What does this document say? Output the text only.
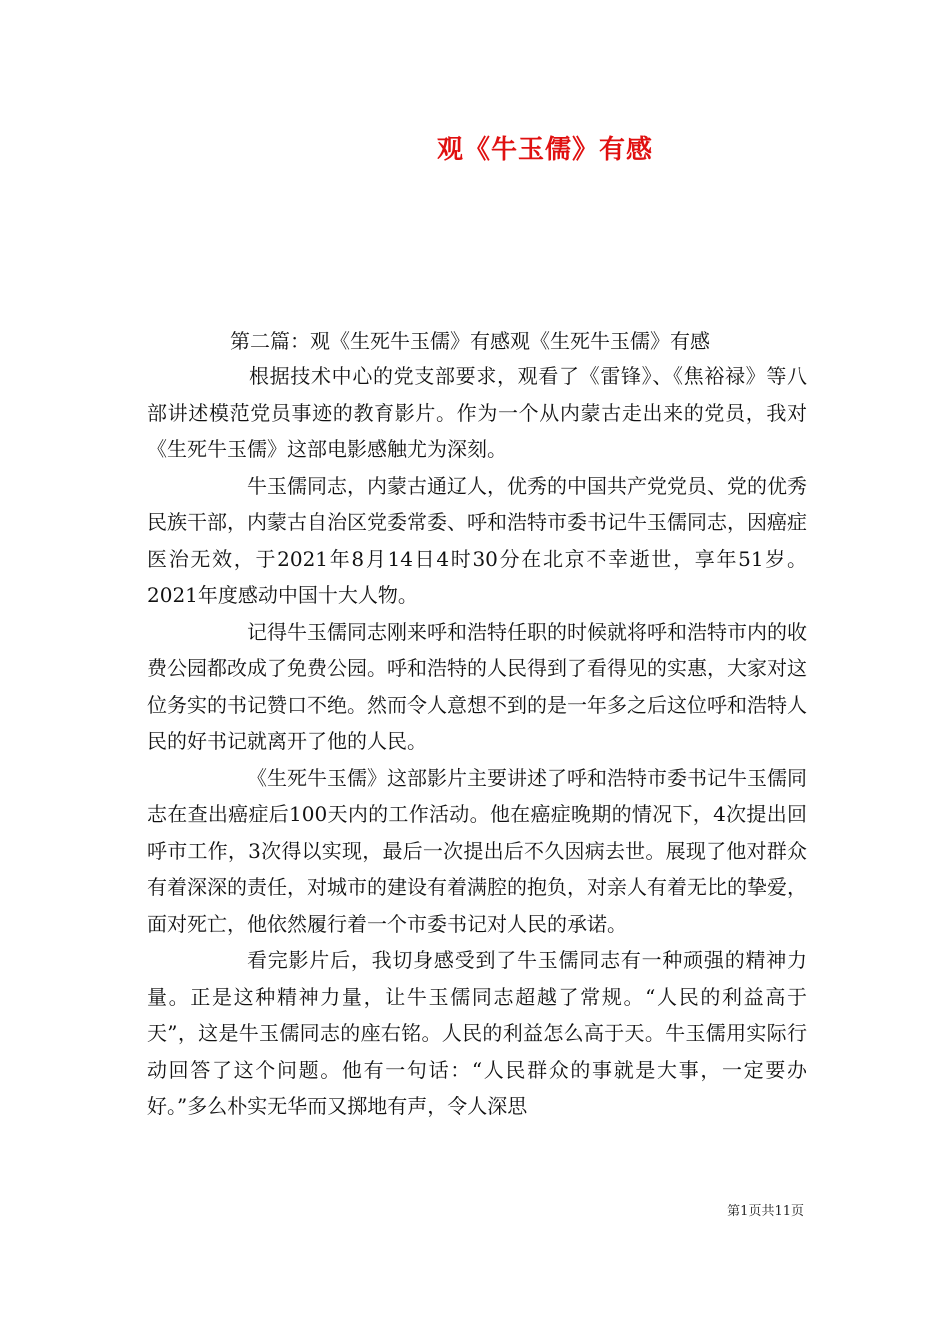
观《牛玉儒》有感
第二篇：观《生死牛玉儒》有感观《生死牛玉儒》有感

根据技术中心的党支部要求，观看了《雷锋》、《焦裕禄》等八部讲述模范党员事迹的教育影片。作为一个从内蒙古走出来的党员，我对《生死牛玉儒》这部电影感触尤为深刻。

牛玉儒同志，内蒙古通辽人，优秀的中国共产党党员、党的优秀民族干部，内蒙古自治区党委常委、呼和浩特市委书记牛玉儒同志，因癌症医治无效，于2021年8月14日4时30分在北京不幸逝世，享年51岁。2021年度感动中国十大人物。

记得牛玉儒同志刚来呼和浩特任职的时候就将呼和浩特市内的收费公园都改成了免费公园。呼和浩特的人民得到了看得见的实惠，大家对这位务实的书记赞口不绝。然而令人意想不到的是一年多之后这位呼和浩特人民的好书记就离开了他的人民。

《生死牛玉儒》这部影片主要讲述了呼和浩特市委书记牛玉儒同志在查出癌症后100天内的工作活动。他在癌症晚期的情况下，4次提出回呼市工作，3次得以实现，最后一次提出后不久因病去世。展现了他对群众有着深深的责任，对城市的建设有着满腔的抱负，对亲人有着无比的挚爱，面对死亡，他依然履行着一个市委书记对人民的承诺。

看完影片后，我切身感受到了牛玉儒同志有一种顽强的精神力量。正是这种精神力量，让牛玉儒同志超越了常规。“人民的利益高于天”，这是牛玉儒同志的座右铭。人民的利益怎么高于天。牛玉儒用实际行动回答了这个问题。他有一句话：“人民群众的事就是大事，一定要办好。”多么朴实无华而又掷地有声，令人深思

第1页共11页
